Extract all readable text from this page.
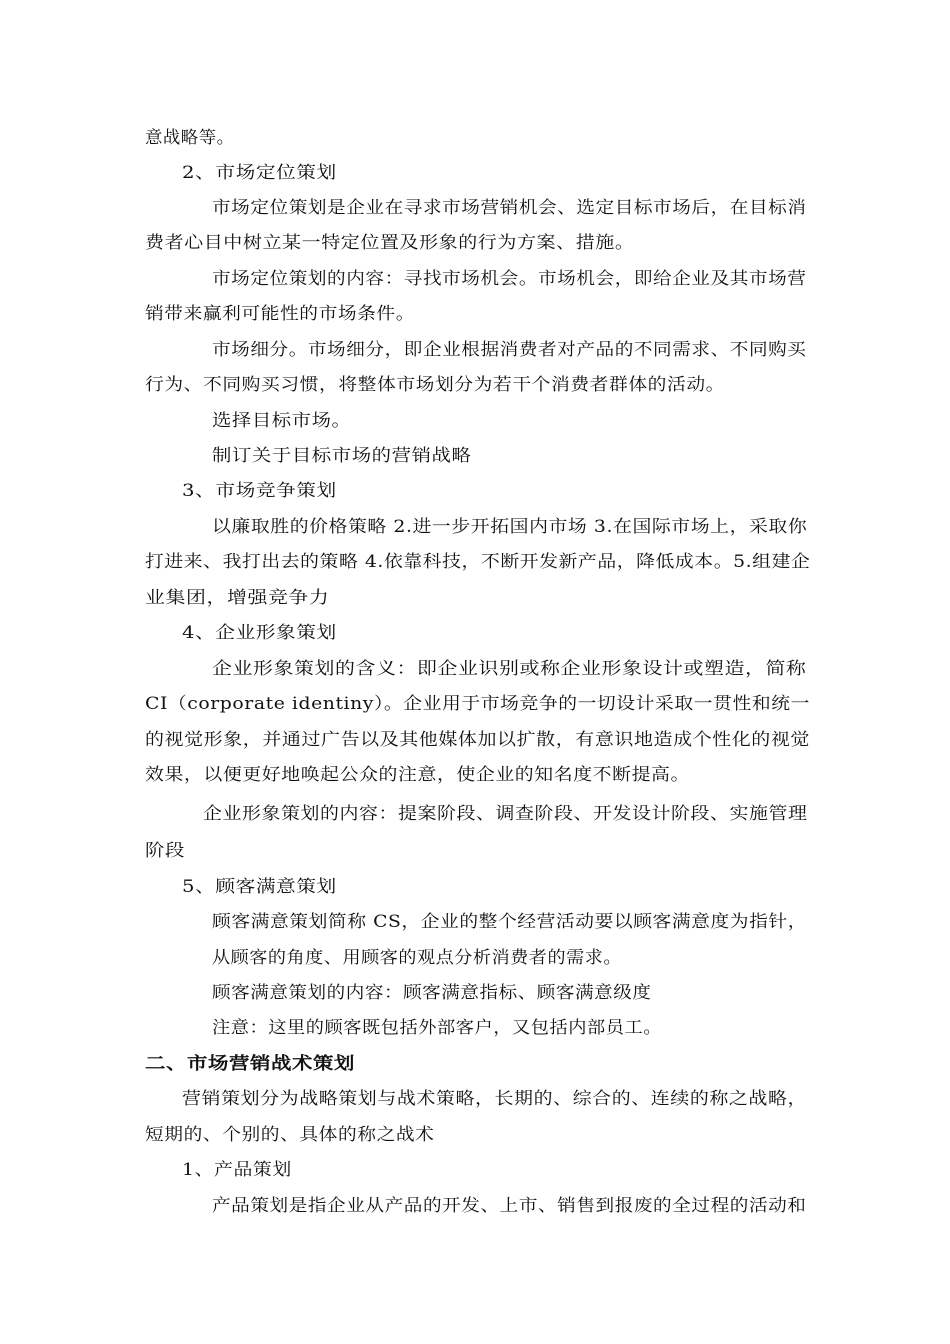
意战略等。
2、市场定位策划
市场定位策划是企业在寻求市场营销机会、选定目标市场后，在目标消
费者心目中树立某一特定位置及形象的行为方案、措施。
市场定位策划的内容：寻找市场机会。市场机会，即给企业及其市场营
销带来赢利可能性的市场条件。
市场细分。市场细分，即企业根据消费者对产品的不同需求、不同购买
行为、不同购买习惯，将整体市场划分为若干个消费者群体的活动。
选择目标市场。
制订关于目标市场的营销战略
3、市场竞争策划
以廉取胜的价格策略 2.进一步开拓国内市场 3.在国际市场上，采取你
打进来、我打出去的策略 4.依靠科技，不断开发新产品，降低成本。5.组建企
业集团，增强竞争力
4、企业形象策划
企业形象策划的含义：即企业识别或称企业形象设计或塑造，简称
CI（corporate identiny）。企业用于市场竞争的一切设计采取一贯性和统一
的视觉形象，并通过广告以及其他媒体加以扩散，有意识地造成个性化的视觉
效果，以便更好地唤起公众的注意，使企业的知名度不断提高。
企业形象策划的内容：提案阶段、调查阶段、开发设计阶段、实施管理
阶段
5、顾客满意策划
顾客满意策划简称 CS，企业的整个经营活动要以顾客满意度为指针，
从顾客的角度、用顾客的观点分析消费者的需求。
顾客满意策划的内容：顾客满意指标、顾客满意级度
注意：这里的顾客既包括外部客户，又包括内部员工。
二、市场营销战术策划
营销策划分为战略策划与战术策略，长期的、综合的、连续的称之战略，
短期的、个别的、具体的称之战术
1、产品策划
产品策划是指企业从产品的开发、上市、销售到报废的全过程的活动和
